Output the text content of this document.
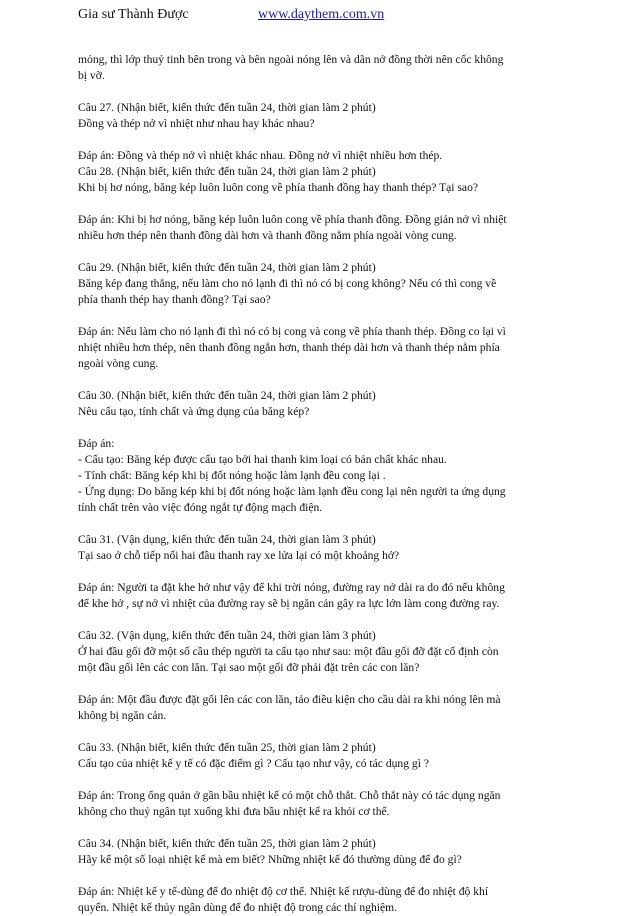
Gia sư Thành Được	www.daythem.com.vn
mỏng, thì lớp thuỷ tinh bên trong và bên ngoài nóng lên và dãn nở đồng thời nên cốc không
bị vỡ.
Câu 27. (Nhận biết, kiến thức đến tuần 24, thời gian làm 2 phút)
Đồng và thép nở vì nhiệt như nhau hay khác nhau?
Đáp án: Đồng và thép nở vì nhiệt khác nhau. Đồng nở vì nhiệt nhiều hơn thép.
Câu 28. (Nhận biết, kiến thức đến tuần 24, thời gian làm 2 phút)
Khi bị hơ nóng, băng kép luôn luôn cong về phía thanh đồng hay thanh thép? Tại sao?
Đáp án: Khi bị hơ nóng, băng kép luôn luôn cong về phía thanh đồng. Đồng giản nở vì nhiệt
nhiều hơn thép nên thanh đồng dài hơn và thanh đồng nằm phía ngoài vòng cung.
Câu 29. (Nhận biết, kiến thức đến tuần 24, thời gian làm 2 phút)
Băng kép đang thẳng, nếu làm cho nó lạnh đi thì nó có bị cong không? Nếu có thì cong về
phía thanh thép hay thanh đồng? Tại sao?
Đáp án: Nếu làm cho nó lạnh đi thì nó có bị cong và cong về phía thanh thép. Đồng co lại vì
nhiệt nhiều hơn thép, nên thanh đồng ngắn hơn, thanh thép dài hơn và thanh thép nằm phía
ngoài vòng cung.
Câu 30. (Nhận biết, kiến thức đến tuần 24, thời gian làm 2 phút)
Nêu cấu tạo, tính chất và ứng dụng của băng kép?
Đáp án:
- Cấu tạo: Băng kép được cấu tạo bởi hai thanh kim loại có bản chất khác nhau.
- Tính chất: Băng kép khi bị đốt nóng hoặc làm lạnh đều cong lại .
- Ứng dụng: Do băng kép khi bị đốt nóng hoặc làm lạnh đều cong lại nên người ta ứng dụng
tính chất trên vào việc đóng ngắt tự động mạch điện.
Câu 31. (Vận dụng, kiến thức đến tuần 24, thời gian làm 3 phút)
Tại sao ở chỗ tiếp nối hai đầu thanh ray xe lửa lại có một khoảng hở?
Đáp án: Người ta đặt khe hở như vậy để khi trời nóng, đường ray nở dài ra do đó nếu không
để khe hở , sự nở vì nhiệt của đường ray sẽ bị ngăn cản gây ra lực lớn làm cong đường ray.
Câu 32. (Vận dụng, kiến thức đến tuần 24, thời gian làm 3 phút)
Ở hai đầu gối đỡ một số cầu thép người ta cấu tạo như sau: một đầu gối đỡ đặt cố định còn
một đầu gối lên các con lăn. Tại sao một gối đỡ phải đặt trên các con lăn?
Đáp án: Một đầu được đặt gối lên các con lăn, tảo điều kiện cho cầu dài ra khi nóng lên mà
không bị ngăn cản.
Câu 33. (Nhận biết, kiến thức đến tuần 25, thời gian làm 2 phút)
Cấu tạo của nhiệt kế y tế có đặc điểm gì ? Cấu tạo như vậy, có tác dụng gì ?
Đáp án: Trong ống quản ở gần bầu nhiệt kế có một chỗ thắt. Chỗ thắt này có tác dụng ngăn
không cho thuỷ ngân tụt xuống khi đưa bầu nhiệt kế ra khỏi cơ thể.
Câu 34. (Nhận biết, kiến thức đến tuần 25, thời gian làm 2 phút)
Hãy kể một số loại nhiệt kế mà em biết? Những nhiệt kế đó thường dùng để đo gì?
Đáp án: Nhiệt kế y tế-dùng để đo nhiệt độ cơ thể. Nhiệt kế rượu-dùng để đo nhiệt độ khí
quyển. Nhiệt kế thủy ngân dùng để đo nhiệt độ trong các thí nghiệm.
